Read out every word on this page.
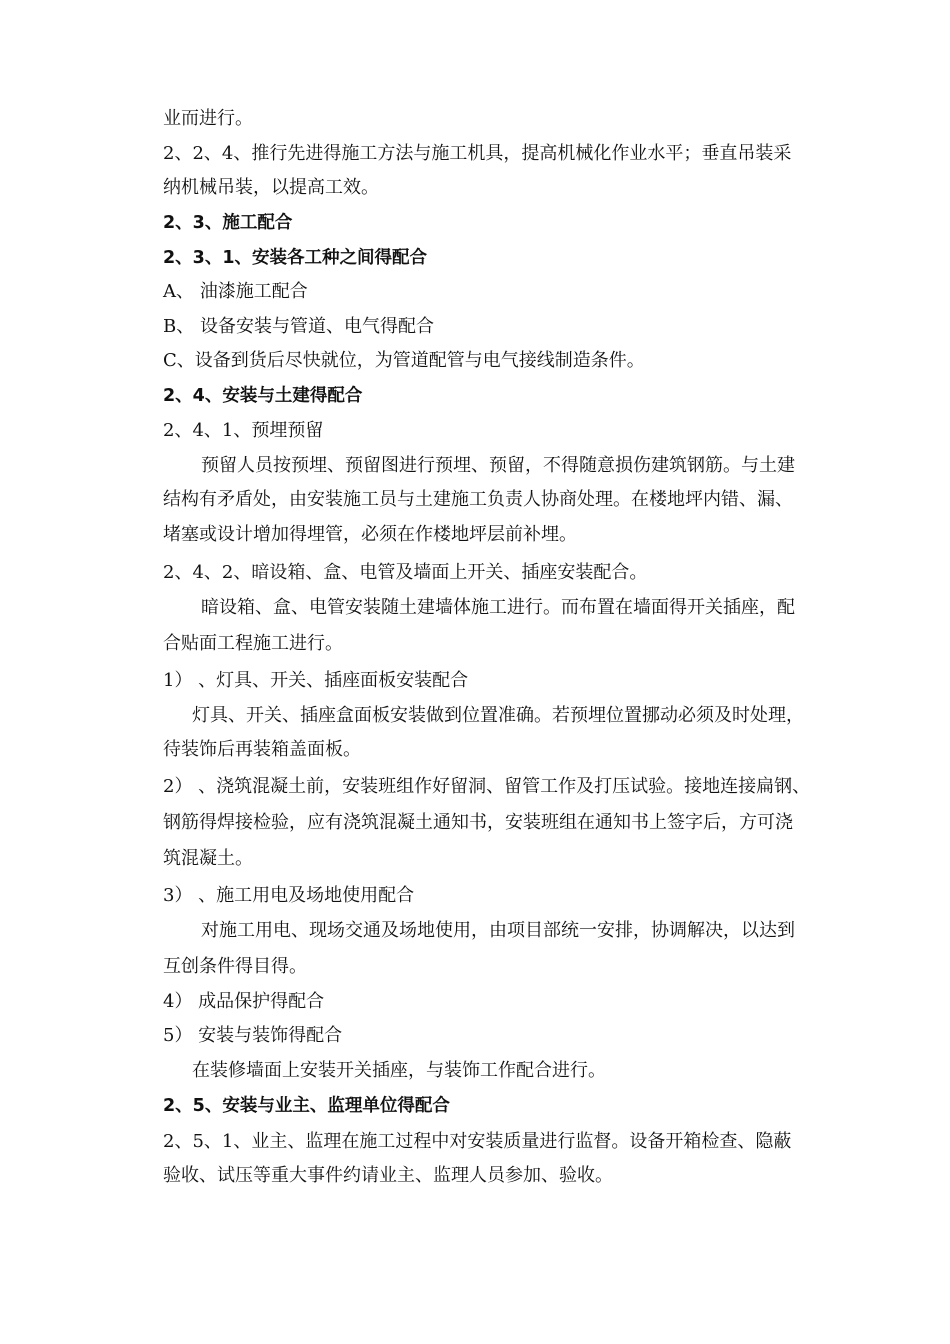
业而进行。
2、2、4、推行先进得施工方法与施工机具，提高机械化作业水平；垂直吊装采
纳机械吊装，以提高工效。
2、3、施工配合
2、3、1、安装各工种之间得配合
A、 油漆施工配合
B、 设备安装与管道、电气得配合
C、设备到货后尽快就位，为管道配管与电气接线制造条件。
2、4、安装与土建得配合
2、4、1、预埋预留
预留人员按预埋、预留图进行预埋、预留，不得随意损伤建筑钢筋。与土建
结构有矛盾处，由安装施工员与土建施工负责人协商处理。在楼地坪内错、漏、
堵塞或设计增加得埋管，必须在作楼地坪层前补埋。
2、4、2、暗设箱、盒、电管及墙面上开关、插座安装配合。
暗设箱、盒、电管安装随土建墙体施工进行。而布置在墙面得开关插座，配
合贴面工程施工进行。
1） 、灯具、开关、插座面板安装配合
灯具、开关、插座盒面板安装做到位置准确。若预埋位置挪动必须及时处理，
待装饰后再装箱盖面板。
2） 、浇筑混凝土前，安装班组作好留洞、留管工作及打压试验。接地连接扁钢、
钢筋得焊接检验，应有浇筑混凝土通知书，安装班组在通知书上签字后，方可浇
筑混凝土。
3） 、施工用电及场地使用配合
对施工用电、现场交通及场地使用，由项目部统一安排，协调解决，以达到
互创条件得目得。
4） 成品保护得配合
5） 安装与装饰得配合
在装修墙面上安装开关插座，与装饰工作配合进行。
2、5、安装与业主、监理单位得配合
2、5、1、业主、监理在施工过程中对安装质量进行监督。设备开箱检查、隐蔽
验收、试压等重大事件约请业主、监理人员参加、验收。
